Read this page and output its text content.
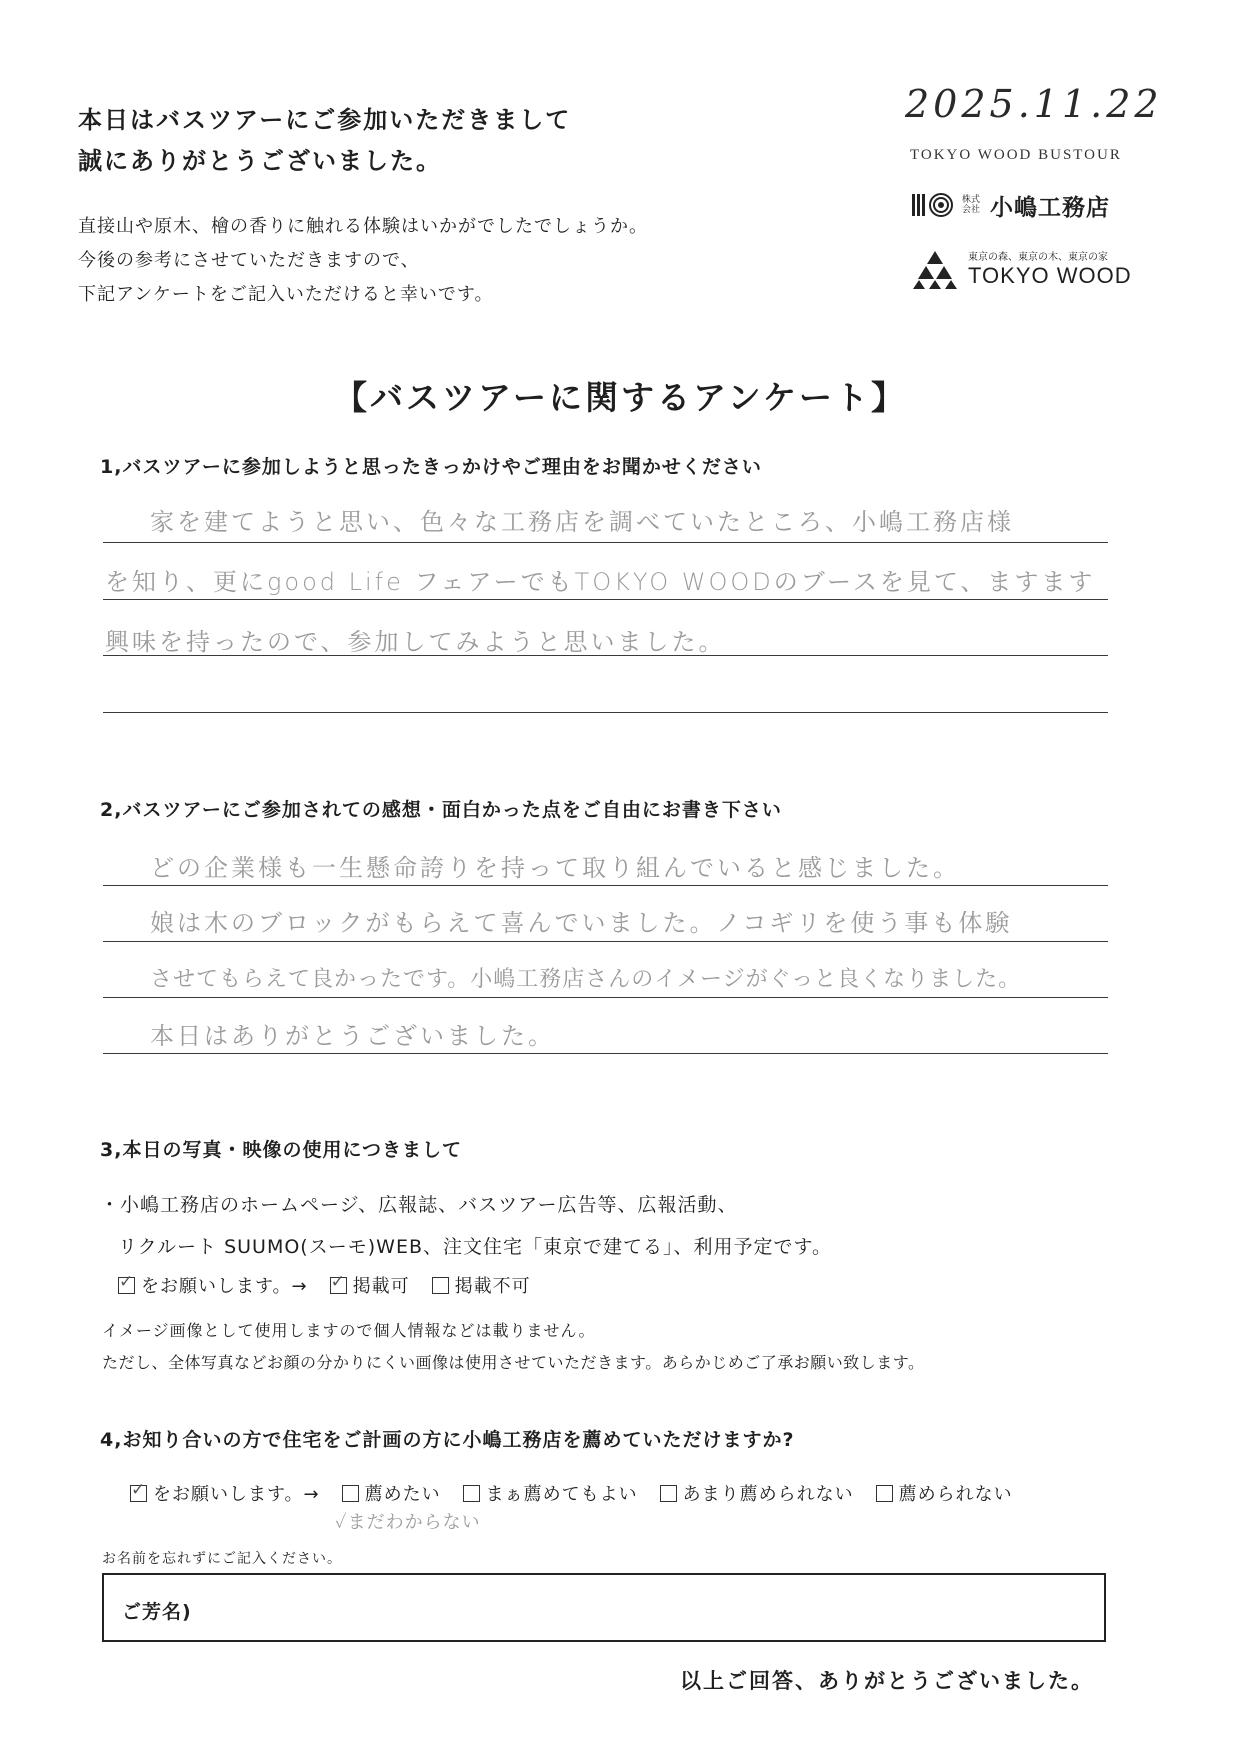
本日はバスツアーにご参加いただきまして
誠にありがとうございました。
直接山や原木、檜の香りに触れる体験はいかがでしたでしょうか。
今後の参考にさせていただきますので、
下記アンケートをご記入いただけると幸いです。
2025.11.22
TOKYO WOOD BUSTOUR
株式会社 小嶋工務店
東京の森、東京の木、東京の家
TOKYO WOOD
【バスツアーに関するアンケート】
1,バスツアーに参加しようと思ったきっかけやご理由をお聞かせください
家を建てようと思い、色々な工務店を調べていたところ、小嶋工務店様
を知り、更にgood Life フェアーでもTOKYO WOODのブースを見て、ますます
興味を持ったので、参加してみようと思いました。
2,バスツアーにご参加されての感想・面白かった点をご自由にお書き下さい
どの企業様も一生懸命誇りを持って取り組んでいると感じました。
娘は木のブロックがもらえて喜んでいました。ノコギリを使う事も体験
させてもらえて良かったです。小嶋工務店さんのイメージがぐっと良くなりました。
本日はありがとうございました。
3,本日の写真・映像の使用につきまして
・小嶋工務店のホームページ、広報誌、バスツアー広告等、広報活動、
リクルート SUUMO(スーモ)WEB、注文住宅「東京で建てる」、利用予定です。
✓
をお願いします。→
✓	掲載可	掲載不可
イメージ画像として使用しますので個人情報などは載りません。
ただし、全体写真などお顔の分かりにくい画像は使用させていただきます。あらかじめご了承お願い致します。
4,お知り合いの方で住宅をご計画の方に小嶋工務店を薦めていただけますか?
✓
をお願いします。→	薦めたい	まぁ薦めてもよい	あまり薦められない	薦められない
✓まだわからない
お名前を忘れずにご記入ください。
ご芳名)
以上ご回答、ありがとうございました。
